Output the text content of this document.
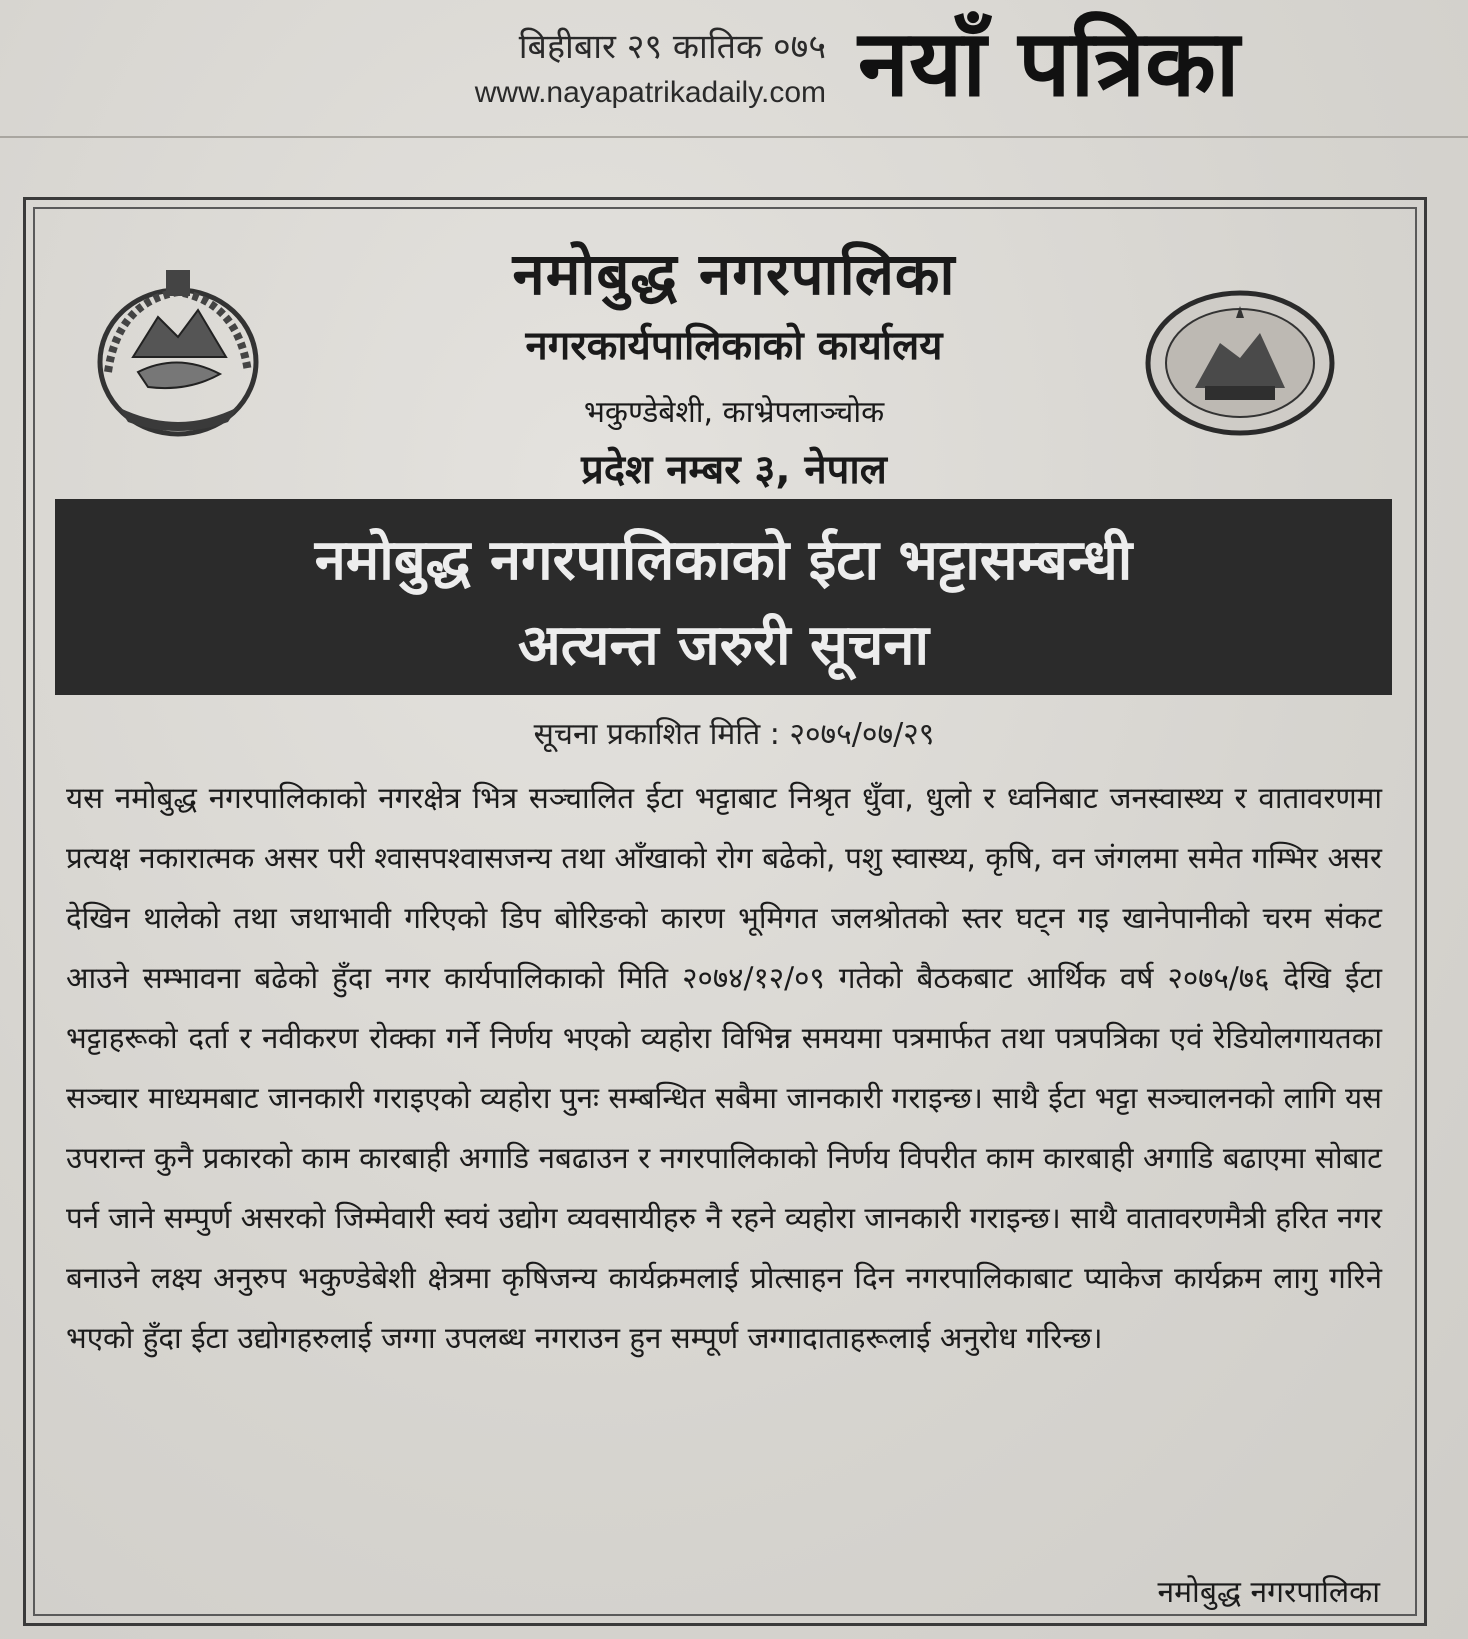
बिहीबार २९ कातिक ०७५
www.nayapatrikadaily.com नयाँ पत्रिका
नमोबुद्ध नगरपालिका
नगरकार्यपालिकाको कार्यालय
भकुण्डेबेशी, काभ्रेपलाञ्चोक
प्रदेश नम्बर ३, नेपाल
नमोबुद्ध नगरपालिकाको ईटा भट्टासम्बन्धी
अत्यन्त जरुरी सूचना
सूचना प्रकाशित मिति : २०७५/०७/२९
यस नमोबुद्ध नगरपालिकाको नगरक्षेत्र भित्र सञ्चालित ईटा भट्टाबाट निश्रृत धुँवा, धुलो र ध्वनिबाट जनस्वास्थ्य र वातावरणमा प्रत्यक्ष नकारात्मक असर परी श्वासपश्वासजन्य तथा आँखाको रोग बढेको, पशु स्वास्थ्य, कृषि, वन जंगलमा समेत गम्भिर असर देखिन थालेको तथा जथाभावी गरिएको डिप बोरिङको कारण भूमिगत जलश्रोतको स्तर घट्न गइ खानेपानीको चरम संकट आउने सम्भावना बढेको हुँदा नगर कार्यपालिकाको मिति २०७४/१२/०९ गतेको बैठकबाट आर्थिक वर्ष २०७५/७६ देखि ईटा भट्टाहरूको दर्ता र नवीकरण रोक्का गर्ने निर्णय भएको व्यहोरा विभिन्न समयमा पत्रमार्फत तथा पत्रपत्रिका एवं रेडियोलगायतका सञ्चार माध्यमबाट जानकारी गराइएको व्यहोरा पुनः सम्बन्धित सबैमा जानकारी गराइन्छ। साथै ईटा भट्टा सञ्चालनको लागि यस उपरान्त कुनै प्रकारको काम कारबाही अगाडि नबढाउन र नगरपालिकाको निर्णय विपरीत काम कारबाही अगाडि बढाएमा सोबाट पर्न जाने सम्पुर्ण असरको जिम्मेवारी स्वयं उद्योग व्यवसायीहरु नै रहने व्यहोरा जानकारी गराइन्छ। साथै वातावरणमैत्री हरित नगर बनाउने लक्ष्य अनुरुप भकुण्डेबेशी क्षेत्रमा कृषिजन्य कार्यक्रमलाई प्रोत्साहन दिन नगरपालिकाबाट प्याकेज कार्यक्रम लागु गरिने भएको हुँदा ईटा उद्योगहरुलाई जग्गा उपलब्ध नगराउन हुन सम्पूर्ण जग्गादाताहरूलाई अनुरोध गरिन्छ।
नमोबुद्ध नगरपालिका
